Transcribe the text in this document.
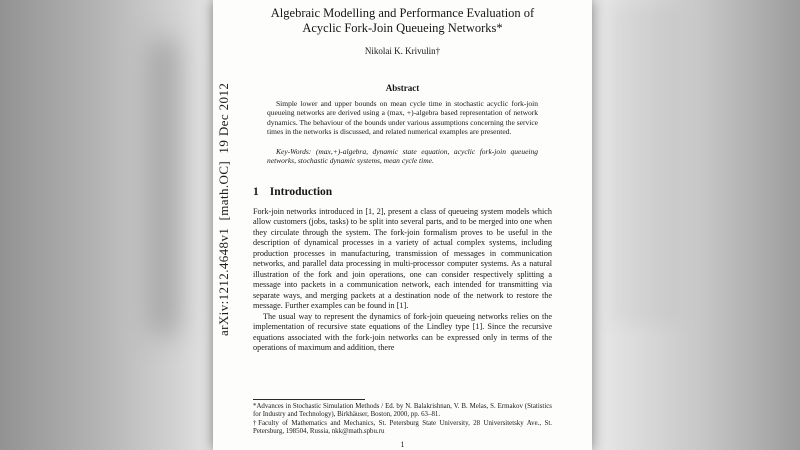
arXiv:1212.4648v1  [math.OC]  19 Dec 2012
Algebraic Modelling and Performance Evaluation of Acyclic Fork-Join Queueing Networks*
Nikolai K. Krivulin†
Abstract

Simple lower and upper bounds on mean cycle time in stochastic acyclic fork-join queueing networks are derived using a (max, +)-algebra based representation of network dynamics. The behaviour of the bounds under various assumptions concerning the service times in the networks is discussed, and related numerical examples are presented.

Key-Words: (max,+)-algebra, dynamic state equation, acyclic fork-join queueing networks, stochastic dynamic systems, mean cycle time.

1 Introduction

Fork-join networks introduced in [1, 2], present a class of queueing system models which allow customers (jobs, tasks) to be split into several parts, and to be merged into one when they circulate through the system. The fork-join formalism proves to be useful in the description of dynamical processes in a variety of actual complex systems, including production processes in manufacturing, transmission of messages in communication networks, and parallel data processing in multi-processor computer systems. As a natural illustration of the fork and join operations, one can consider respectively splitting a message into packets in a communication network, each intended for transmitting via separate ways, and merging packets at a destination node of the network to restore the message. Further examples can be found in [1].

The usual way to represent the dynamics of fork-join queueing networks relies on the implementation of recursive state equations of the Lindley type [1]. Since the recursive equations associated with the fork-join networks can be expressed only in terms of the operations of maximum and addition, there

*Advances in Stochastic Simulation Methods / Ed. by N. Balakrishnan, V. B. Melas, S. Ermakov (Statistics for Industry and Technology), Birkhäuser, Boston, 2000, pp. 63–81.

†Faculty of Mathematics and Mechanics, St. Petersburg State University, 28 Universitetsky Ave., St. Petersburg, 198504, Russia, nkk@math.spbu.ru

1
